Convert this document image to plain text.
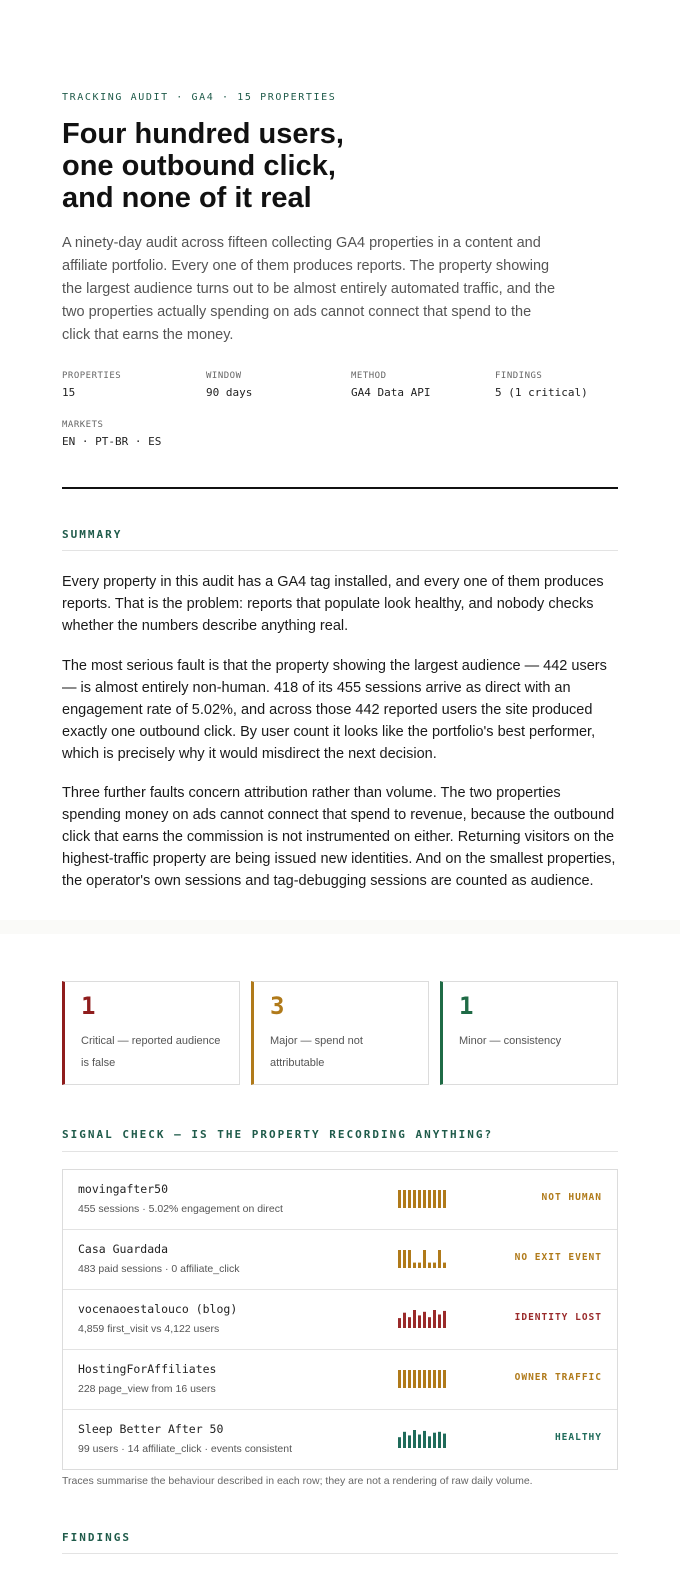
TRACKING AUDIT · GA4 · 15 PROPERTIES
Four hundred users,
one outbound click,
and none of it real

A ninety-day audit across fifteen collecting GA4 properties in a content and affiliate portfolio. Every one of them produces reports. The property showing the largest audience turns out to be almost entirely automated traffic, and the two properties actually spending on ads cannot connect that spend to the click that earns the money.

PROPERTIES
15
WINDOW
90 days
METHOD
GA4 Data API
FINDINGS
5 (1 critical)
MARKETS
EN · PT-BR · ES
SUMMARY

Every property in this audit has a GA4 tag installed, and every one of them produces reports. That is the problem: reports that populate look healthy, and nobody checks whether the numbers describe anything real.

The most serious fault is that the property showing the largest audience — 442 users — is almost entirely non-human. 418 of its 455 sessions arrive as direct with an engagement rate of 5.02%, and across those 442 reported users the site produced exactly one outbound click. By user count it looks like the portfolio's best performer, which is precisely why it would misdirect the next decision.

Three further faults concern attribution rather than volume. The two properties spending money on ads cannot connect that spend to revenue, because the outbound click that earns the commission is not instrumented on either. Returning visitors on the highest-traffic property are being issued new identities. And on the smallest properties, the operator's own sessions and tag-debugging sessions are counted as audience.

1
Critical — reported audience is false
3
Major — spend not attributable
1
Minor — consistency
SIGNAL CHECK — IS THE PROPERTY RECORDING ANYTHING?
movingafter50
455 sessions · 5.02% engagement on direct
NOT HUMAN
Casa Guardada
483 paid sessions · 0 affiliate_click
NO EXIT EVENT
vocenaoestalouco (blog)
4,859 first_visit vs 4,122 users
IDENTITY LOST
HostingForAffiliates
228 page_view from 16 users
OWNER TRAFFIC
Sleep Better After 50
99 users · 14 affiliate_click · events consistent
HEALTHY
Traces summarise the behaviour described in each row; they are not a rendering of raw daily volume.
FINDINGS
